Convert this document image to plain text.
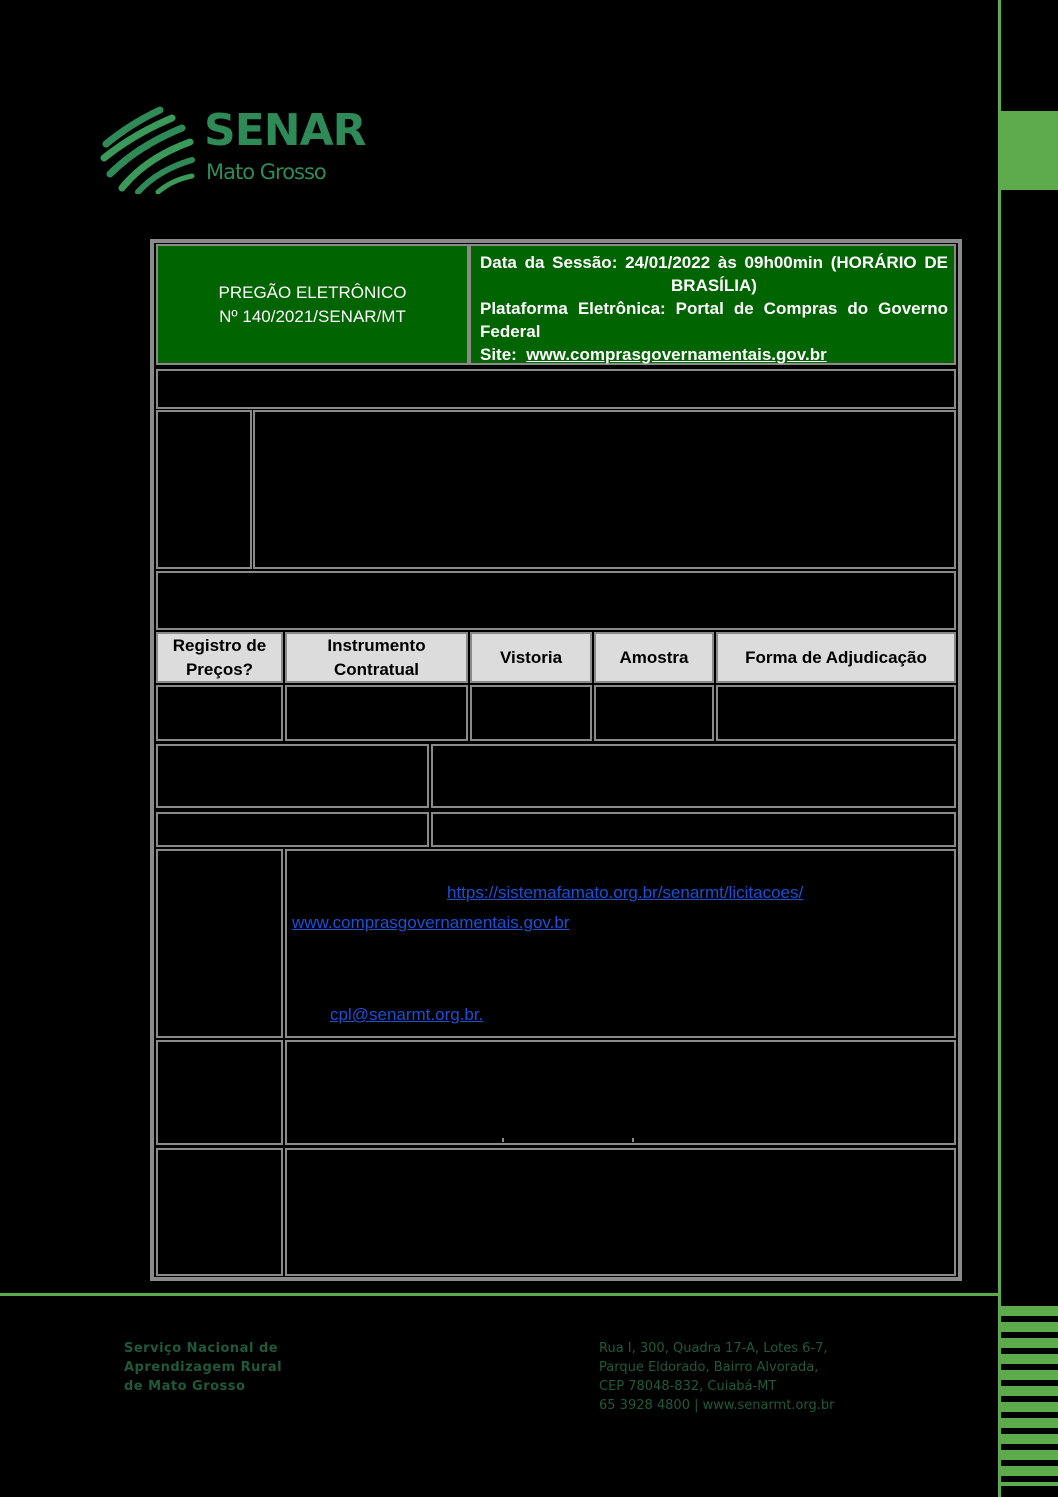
SENAR
Mato Grosso
PREGÃO ELETRÔNICO
Nº 140/2021/SENAR/MT
Data da Sessão: 24/01/2022 às 09h00min (HORÁRIO DE
BRASÍLIA)
Plataforma Eletrônica: Portal de Compras do Governo
Federal
Site: www.comprasgovernamentais.gov.br
Registro de
Preços?
Instrumento
Contratual
Vistoria	Amostra	Forma de Adjudicação
https://sistemafamato.org.br/senarmt/licitacoes/
www.comprasgovernamentais.gov.br
cpl@senarmt.org.br.
Serviço Nacional de
Aprendizagem Rural
de Mato Grosso
Rua I, 300, Quadra 17-A, Lotes 6-7,
Parque Eldorado, Bairro Alvorada,
CEP 78048-832, Cuiabá-MT
65 3928 4800 | www.senarmt.org.br
